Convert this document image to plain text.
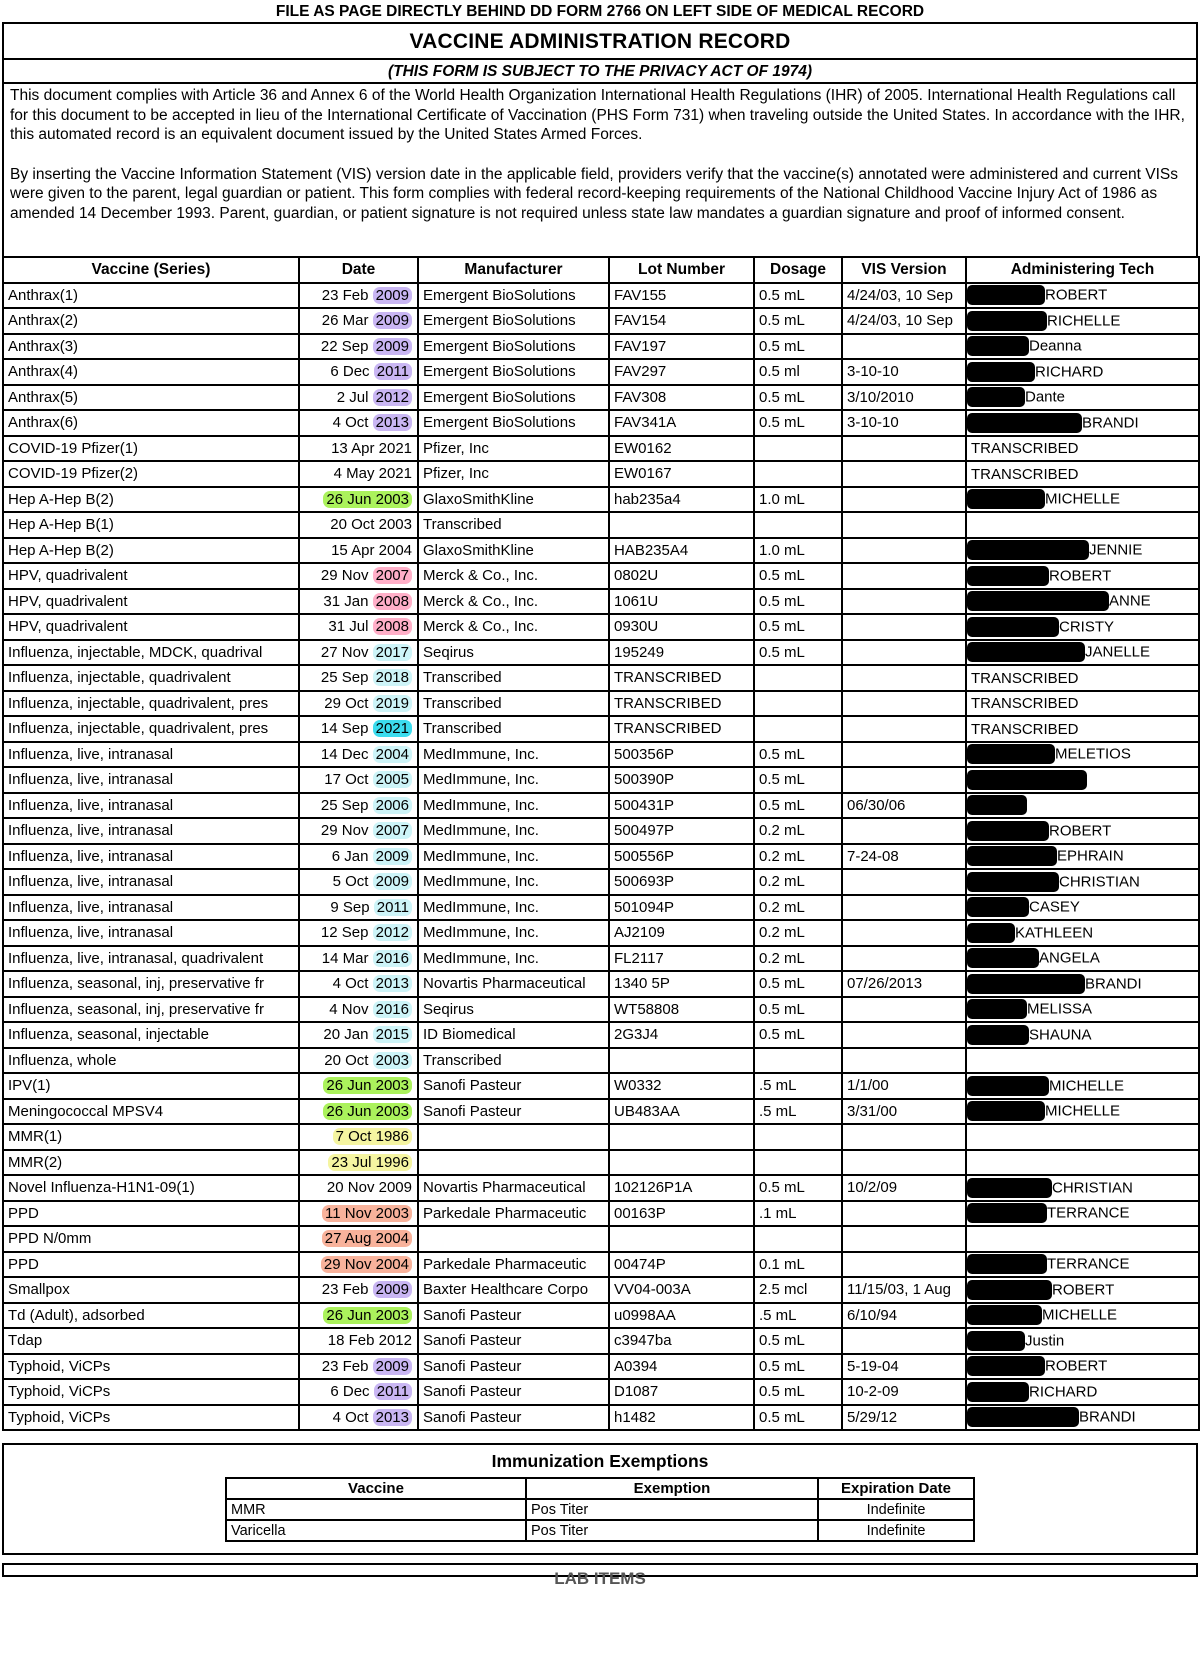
FILE AS PAGE DIRECTLY BEHIND DD FORM 2766 ON LEFT SIDE OF MEDICAL RECORD
VACCINE ADMINISTRATION RECORD
(THIS FORM IS SUBJECT TO THE PRIVACY ACT OF 1974)

This document complies with Article 36 and Annex 6 of the World Health Organization International Health Regulations (IHR) of 2005. International Health Regulations call for this document to be accepted in lieu of the International Certificate of Vaccination (PHS Form 731) when traveling outside the United States. In accordance with the IHR, this automated record is an equivalent document issued by the United States Armed Forces.

By inserting the Vaccine Information Statement (VIS) version date in the applicable field, providers verify that the vaccine(s) annotated were administered and current VISs were given to the parent, legal guardian or patient. This form complies with federal record-keeping requirements of the National Childhood Vaccine Injury Act of 1986 as amended 14 December 1993. Parent, guardian, or patient signature is not required unless state law mandates a guardian signature and proof of informed consent.

Vaccine (Series)	Date	Manufacturer	Lot Number	Dosage	VIS Version	Administering Tech
Anthrax(1)	23 Feb 2009	Emergent BioSolutions	FAV155	0.5 mL	4/24/03, 10 Sep	ROBERT
Anthrax(2)	26 Mar 2009	Emergent BioSolutions	FAV154	0.5 mL	4/24/03, 10 Sep	RICHELLE
Anthrax(3)	22 Sep 2009	Emergent BioSolutions	FAV197	0.5 mL		Deanna
Anthrax(4)	6 Dec 2011	Emergent BioSolutions	FAV297	0.5 ml	3-10-10	RICHARD
Anthrax(5)	2 Jul 2012	Emergent BioSolutions	FAV308	0.5 mL	3/10/2010	Dante
Anthrax(6)	4 Oct 2013	Emergent BioSolutions	FAV341A	0.5 mL	3-10-10	BRANDI
COVID-19 Pfizer(1)	13 Apr 2021	Pfizer, Inc	EW0162			TRANSCRIBED
COVID-19 Pfizer(2)	4 May 2021	Pfizer, Inc	EW0167			TRANSCRIBED
Hep A-Hep B(2)	26 Jun 2003	GlaxoSmithKline	hab235a4	1.0 mL		MICHELLE
Hep A-Hep B(1)	20 Oct 2003	Transcribed				
Hep A-Hep B(2)	15 Apr 2004	GlaxoSmithKline	HAB235A4	1.0 mL		JENNIE
HPV, quadrivalent	29 Nov 2007	Merck & Co., Inc.	0802U	0.5 mL		ROBERT
HPV, quadrivalent	31 Jan 2008	Merck & Co., Inc.	1061U	0.5 mL		ANNE
HPV, quadrivalent	31 Jul 2008	Merck & Co., Inc.	0930U	0.5 mL		CRISTY
Influenza, injectable, MDCK, quadrival	27 Nov 2017	Seqirus	195249	0.5 mL		JANELLE
Influenza, injectable, quadrivalent	25 Sep 2018	Transcribed	TRANSCRIBED			TRANSCRIBED
Influenza, injectable, quadrivalent, pres	29 Oct 2019	Transcribed	TRANSCRIBED			TRANSCRIBED
Influenza, injectable, quadrivalent, pres	14 Sep 2021	Transcribed	TRANSCRIBED			TRANSCRIBED
Influenza, live, intranasal	14 Dec 2004	MedImmune, Inc.	500356P	0.5 mL		MELETIOS
Influenza, live, intranasal	17 Oct 2005	MedImmune, Inc.	500390P	0.5 mL		
Influenza, live, intranasal	25 Sep 2006	MedImmune, Inc.	500431P	0.5 mL	06/30/06	
Influenza, live, intranasal	29 Nov 2007	MedImmune, Inc.	500497P	0.2 mL		ROBERT
Influenza, live, intranasal	6 Jan 2009	MedImmune, Inc.	500556P	0.2 mL	7-24-08	EPHRAIN
Influenza, live, intranasal	5 Oct 2009	MedImmune, Inc.	500693P	0.2 mL		CHRISTIAN
Influenza, live, intranasal	9 Sep 2011	MedImmune, Inc.	501094P	0.2 mL		CASEY
Influenza, live, intranasal	12 Sep 2012	MedImmune, Inc.	AJ2109	0.2 mL		KATHLEEN
Influenza, live, intranasal, quadrivalent	14 Mar 2016	MedImmune, Inc.	FL2117	0.2 mL		ANGELA
Influenza, seasonal, inj, preservative fr	4 Oct 2013	Novartis Pharmaceutical	1340 5P	0.5 mL	07/26/2013	BRANDI
Influenza, seasonal, inj, preservative fr	4 Nov 2016	Seqirus	WT58808	0.5 mL		MELISSA
Influenza, seasonal, injectable	20 Jan 2015	ID Biomedical	2G3J4	0.5 mL		SHAUNA
Influenza, whole	20 Oct 2003	Transcribed				
IPV(1)	26 Jun 2003	Sanofi Pasteur	W0332	.5 mL	1/1/00	MICHELLE
Meningococcal MPSV4	26 Jun 2003	Sanofi Pasteur	UB483AA	.5 mL	3/31/00	MICHELLE
MMR(1)	7 Oct 1986					
MMR(2)	23 Jul 1996					
Novel Influenza-H1N1-09(1)	20 Nov 2009	Novartis Pharmaceutical	102126P1A	0.5 mL	10/2/09	CHRISTIAN
PPD	11 Nov 2003	Parkedale Pharmaceutic	00163P	.1 mL		TERRANCE
PPD N/0mm	27 Aug 2004					
PPD	29 Nov 2004	Parkedale Pharmaceutic	00474P	0.1 mL		TERRANCE
Smallpox	23 Feb 2009	Baxter Healthcare Corpo	VV04-003A	2.5 mcl	11/15/03, 1 Aug	ROBERT
Td (Adult), adsorbed	26 Jun 2003	Sanofi Pasteur	u0998AA	.5 mL	6/10/94	MICHELLE
Tdap	18 Feb 2012	Sanofi Pasteur	c3947ba	0.5 mL		Justin
Typhoid, ViCPs	23 Feb 2009	Sanofi Pasteur	A0394	0.5 mL	5-19-04	ROBERT
Typhoid, ViCPs	6 Dec 2011	Sanofi Pasteur	D1087	0.5 mL	10-2-09	RICHARD
Typhoid, ViCPs	4 Oct 2013	Sanofi Pasteur	h1482	0.5 mL	5/29/12	BRANDI
Immunization Exemptions
Vaccine	Exemption	Expiration Date
MMR	Pos Titer	Indefinite
Varicella	Pos Titer	Indefinite
LAB ITEMS
